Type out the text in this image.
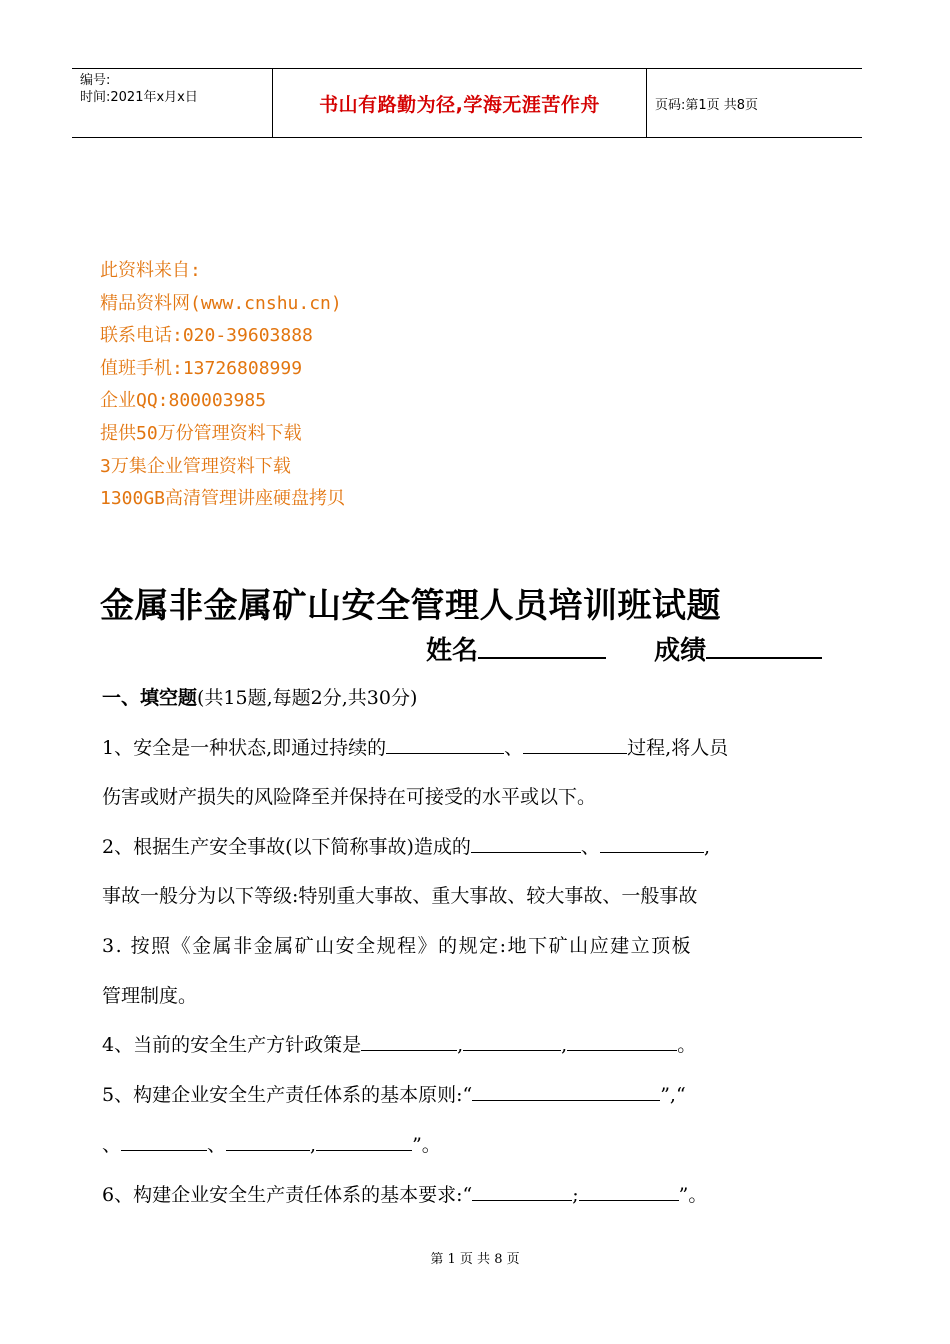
编号:
时间:2021年x月x日	书山有路勤为径,学海无涯苦作舟	页码:第1页 共8页
此资料来自:
精品资料网(www.cnshu.cn)
联系电话:020-39603888
值班手机:13726808999
企业QQ:800003985
提供50万份管理资料下载
3万集企业管理资料下载
1300GB高清管理讲座硬盘拷贝
金属非金属矿山安全管理人员培训班试题
姓名	成绩
一、填空题(共15题,每题2分,共30分)
1、安全是一种状态,即通过持续的	、	过程,将人员
伤害或财产损失的风险降至并保持在可接受的水平或以下。
2、根据生产安全事故(以下简称事故)造成的	、	,
事故一般分为以下等级:特别重大事故、重大事故、较大事故、一般事故
3. 按照《金属非金属矿山安全规程》的规定:地下矿山应建立顶板
管理制度。
4、当前的安全生产方针政策是	,	,	。
5、构建企业安全生产责任体系的基本原则:“	”,“
、	、	,	”。
6、构建企业安全生产责任体系的基本要求:“	;	”。
第 1 页 共 8 页
